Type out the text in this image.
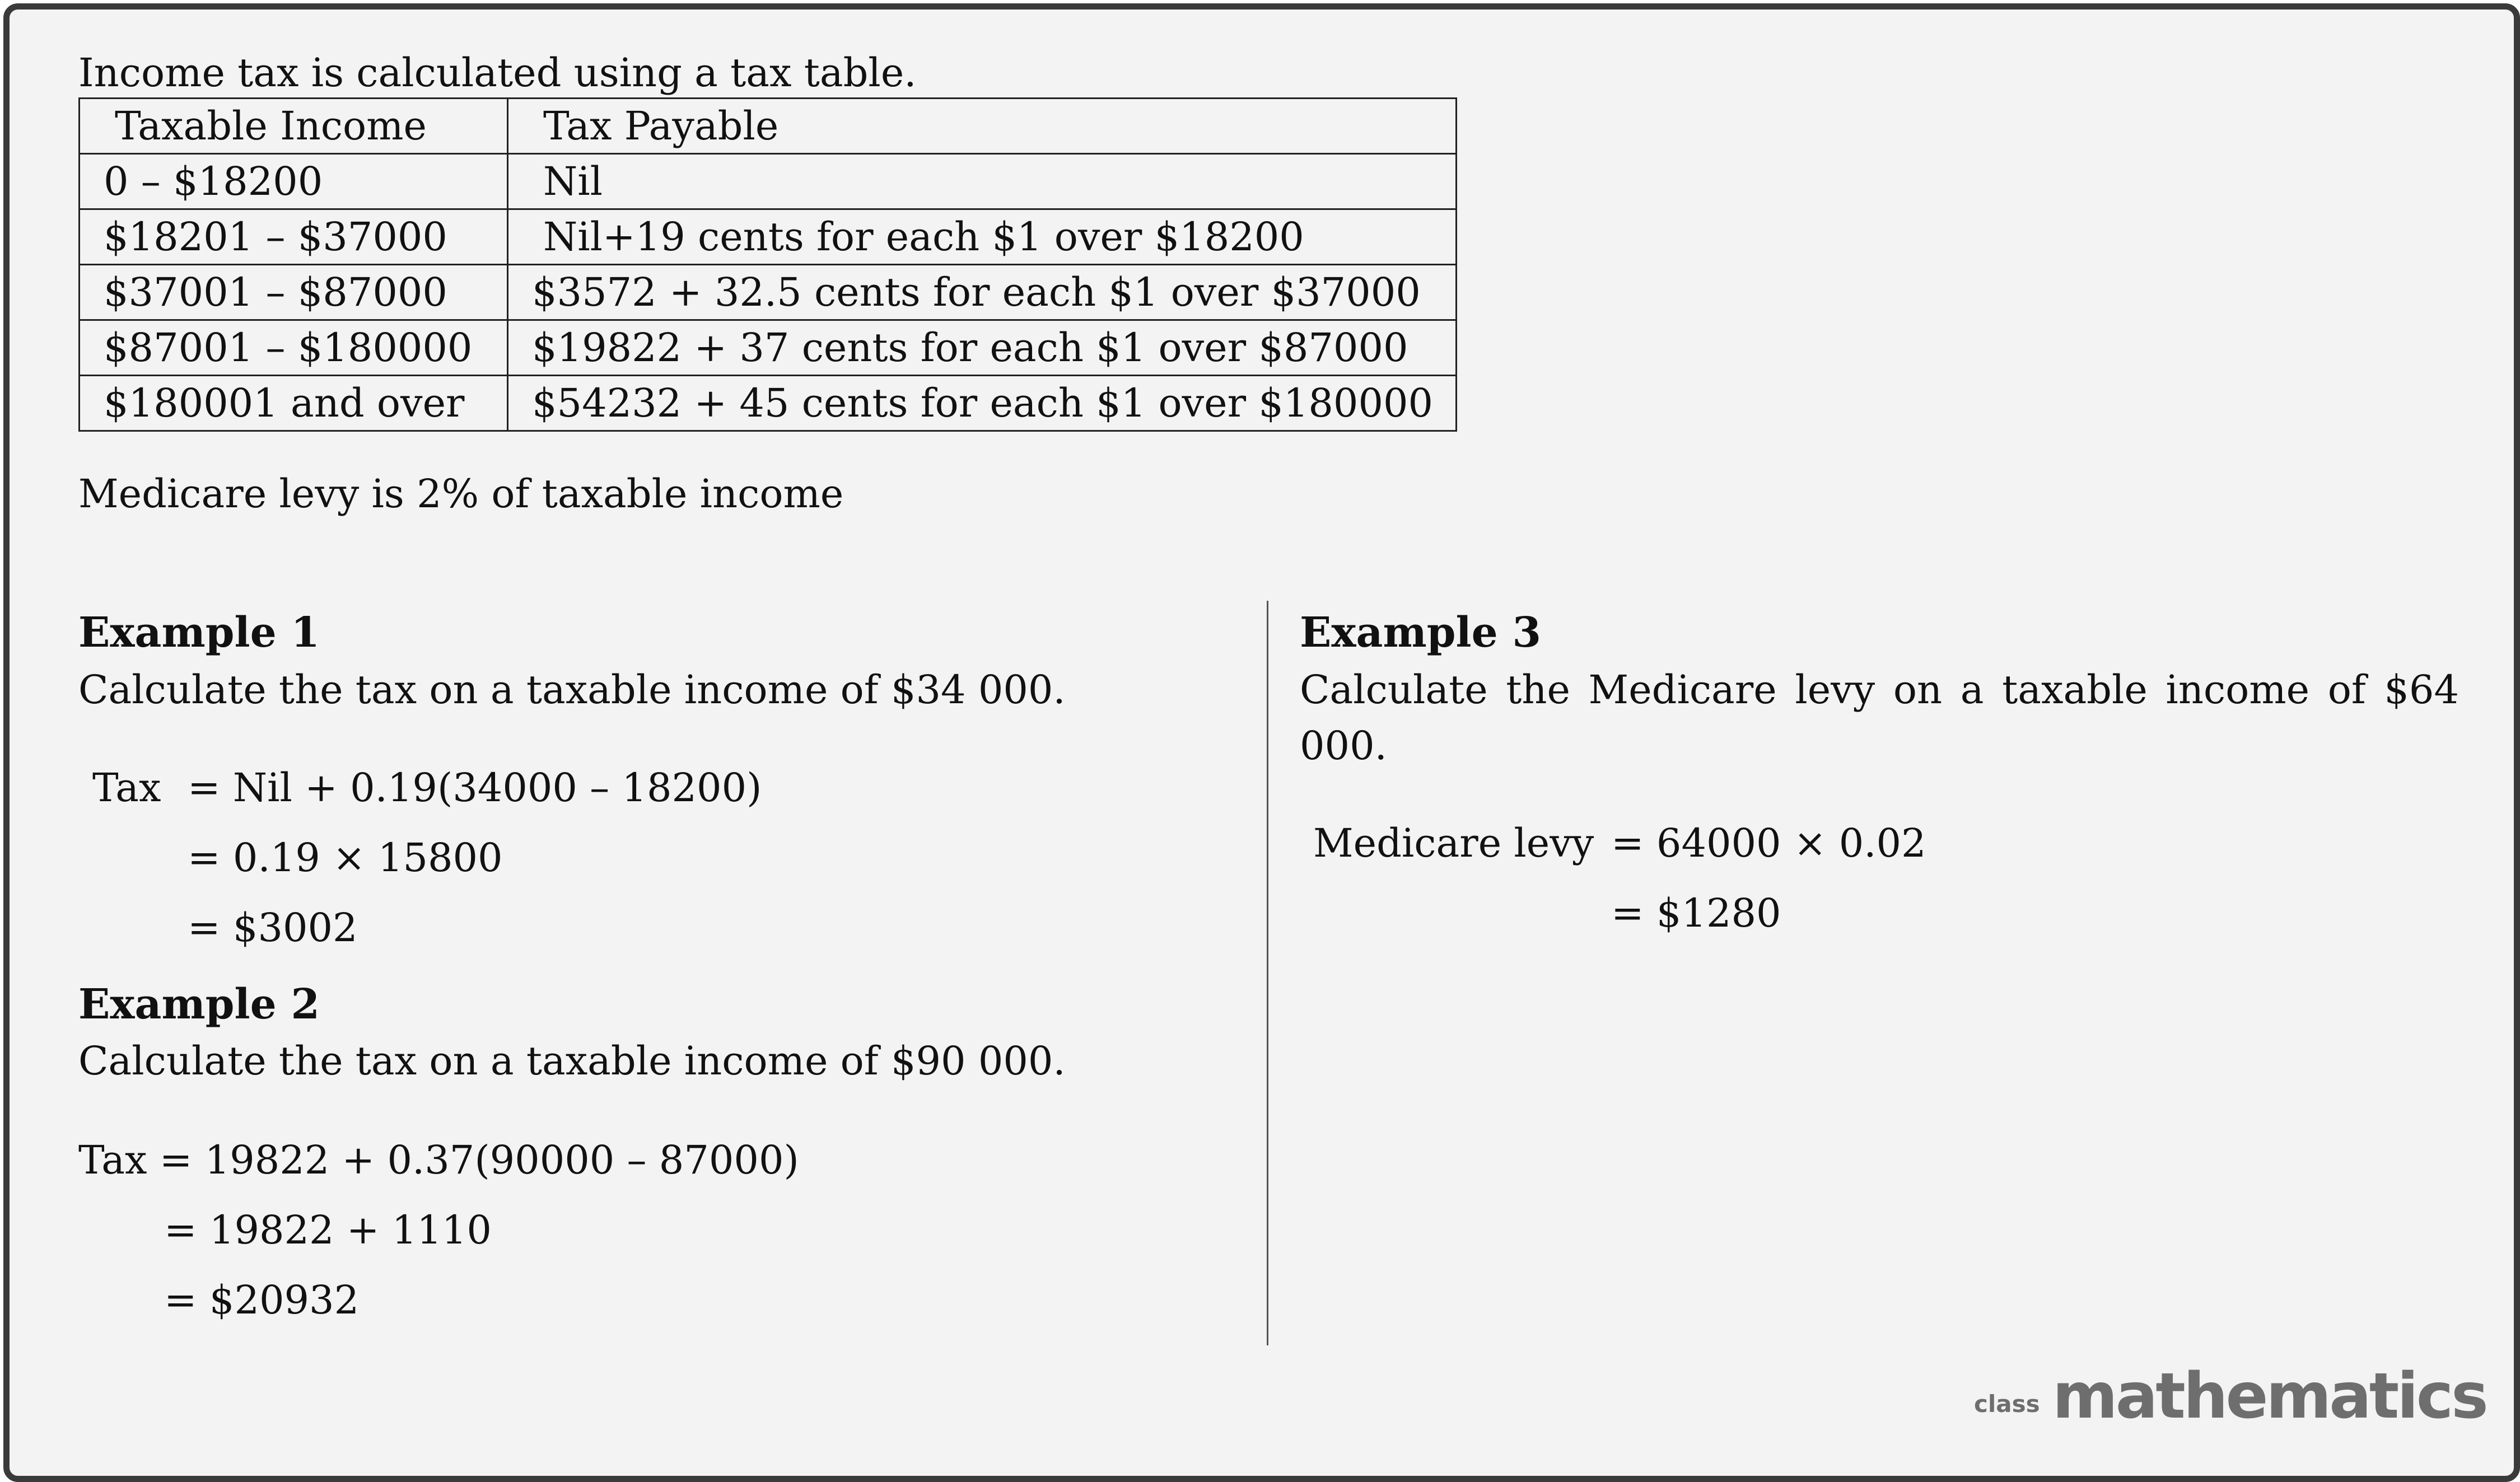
Income tax is calculated using a tax table.
Taxable Income	Tax Payable
0 – $18200	Nil
$18201 – $37000	Nil+19 cents for each $1 over $18200
$37001 – $87000	$3572 + 32.5 cents for each $1 over $37000
$87001 – $180000	$19822 + 37 cents for each $1 over $87000
$180001 and over	$54232 + 45 cents for each $1 over $180000
Medicare levy is 2% of taxable income
Example 1
Calculate the tax on a taxable income of $34 000.
Tax = Nil + 0.19(34000 – 18200)
= 0.19 × 15800
= $3002
Example 2
Calculate the tax on a taxable income of $90 000.
Tax = 19822 + 0.37(90000 – 87000)
= 19822 + 1110
= $20932
Example 3
Calculate the Medicare levy on a taxable income of $64 000.
Medicare levy = 64000 × 0.02
= $1280
class mathematics
